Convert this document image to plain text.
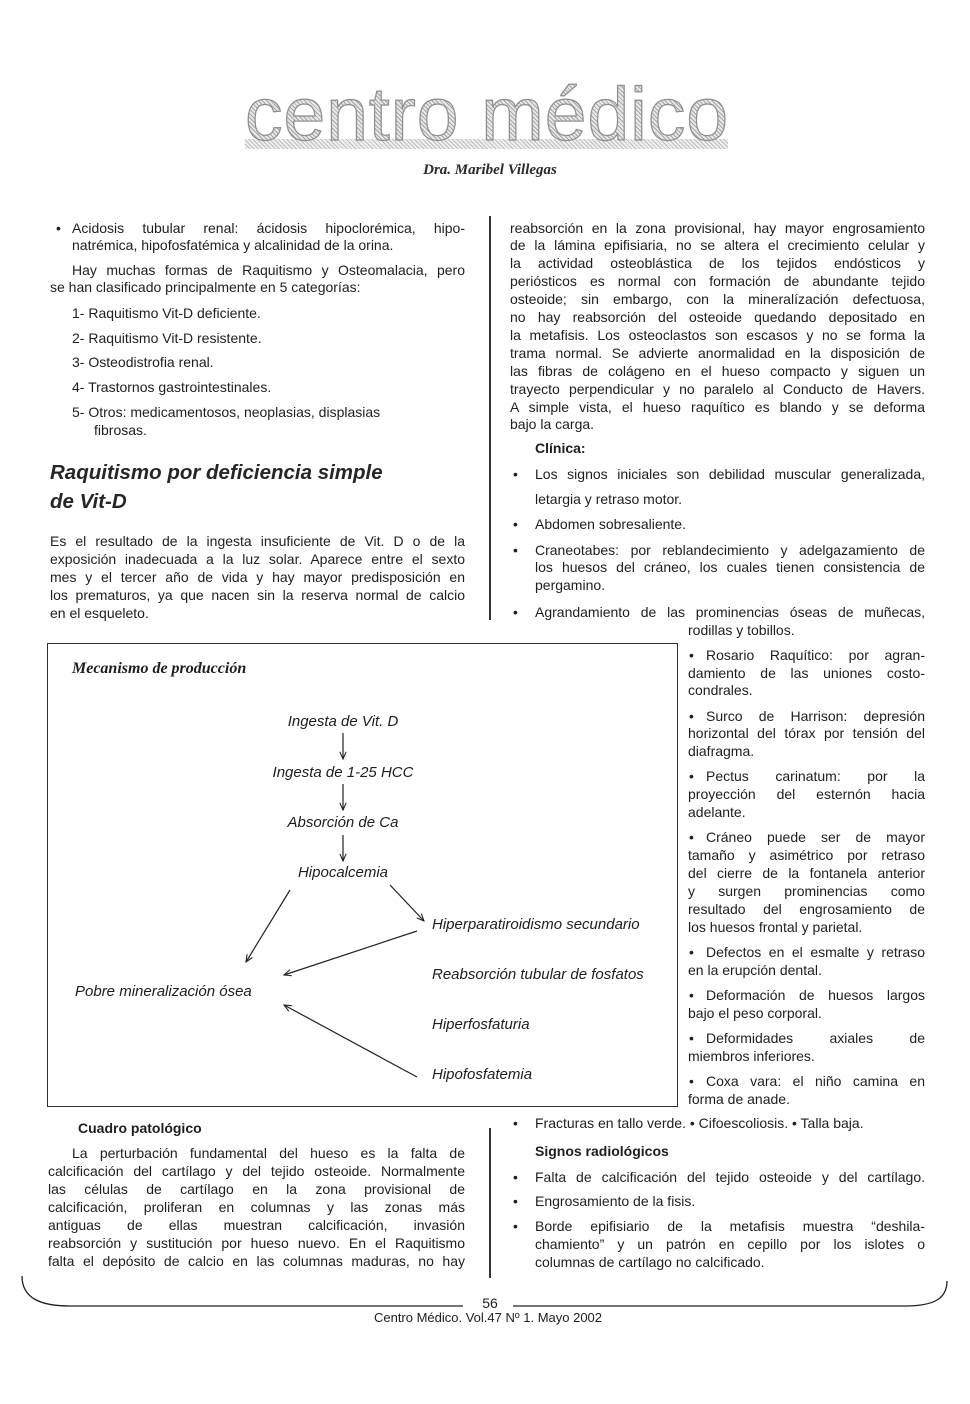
centro médico
Dra. Maribel Villegas
• Acidosis tubular renal: ácidosis hipoclorémica, hipo-
natrémica, hipofosfatémica y alcalinidad de la orina.
Hay muchas formas de Raquitismo y Osteomalacia, pero
se han clasificado principalmente en 5 categorías:
1- Raquitismo Vit-D deficiente.
2- Raquitismo Vit-D resistente.
3- Osteodistrofia renal.
4- Trastornos gastrointestinales.
5- Otros: medicamentosos, neoplasias, displasias
fibrosas.
Raquitismo por deficiencia simple
de Vit-D
Es el resultado de la ingesta insuficiente de Vit. D o de la
exposición inadecuada a la luz solar. Aparece entre el sexto
mes y el tercer año de vida y hay mayor predisposición en
los prematuros, ya que nacen sin la reserva normal de calcio
en el esqueleto.
reabsorción en la zona provisional, hay mayor engrosamiento
de la lámina epifisiaria, no se altera el crecimiento celular y
la actividad osteoblástica de los tejidos endósticos y
periósticos es normal con formación de abundante tejido
osteoide; sin embargo, con la mineralízación defectuosa,
no hay reabsorción del osteoide quedando depositado en
la metafisis. Los osteoclastos son escasos y no se forma la
trama normal. Se advierte anormalidad en la disposición de
las fibras de colágeno en el hueso compacto y siguen un
trayecto perpendicular y no paralelo al Conducto de Havers.
A simple vista, el hueso raquítico es blando y se deforma
bajo la carga.
Clínica:
• Los signos iniciales son debilidad muscular generalizada,
letargia y retraso motor.
• Abdomen sobresaliente.
• Craneotabes: por reblandecimiento y adelgazamiento de
los huesos del cráneo, los cuales tienen consistencia de
pergamino.
• Agrandamiento de las prominencias óseas de muñecas,
rodillas y tobillos.
• Rosario Raquítico: por agran-
damiento de las uniones costo-
condrales.
• Surco de Harrison: depresión
horizontal del tórax por tensión del
diafragma.
• Pectus carinatum: por la
proyección del esternón hacia
adelante.
• Cráneo puede ser de mayor
tamaño y asimétrico por retraso
del cierre de la fontanela anterior
y surgen prominencias como
resultado del engrosamiento de
los huesos frontal y parietal.
• Defectos en el esmalte y retraso
en la erupción dental.
• Deformación de huesos largos
bajo el peso corporal.
• Deformidades axiales de
miembros inferiores.
• Coxa vara: el niño camina en
forma de anade.
• Fracturas en tallo verde. • Cifoescoliosis. • Talla baja.
Signos radiológicos
• Falta de calcificación del tejido osteoide y del cartílago.
• Engrosamiento de la fisis.
• Borde epifisiario de la metafisis muestra “deshila-
chamiento” y un patrón en cepillo por los islotes o
columnas de cartílago no calcificado.
Mecanismo de producción
Ingesta de Vit. D
Ingesta de 1-25 HCC
Absorción de Ca
Hipocalcemia
Hiperparatiroidismo secundario
Reabsorción tubular de fosfatos
Hiperfosfaturia
Hipofosfatemia
Pobre mineralización ósea
Cuadro patológico
La perturbación fundamental del hueso es la falta de
calcificación del cartílago y del tejido osteoide. Normalmente
las células de cartílago en la zona provisional de
calcificación, proliferan en columnas y las zonas más
antiguas de ellas muestran calcificación, invasión
reabsorción y sustitución por hueso nuevo. En el Raquitismo
falta el depósito de calcio en las columnas maduras, no hay
56
Centro Médico. Vol.47 Nº 1. Mayo 2002
